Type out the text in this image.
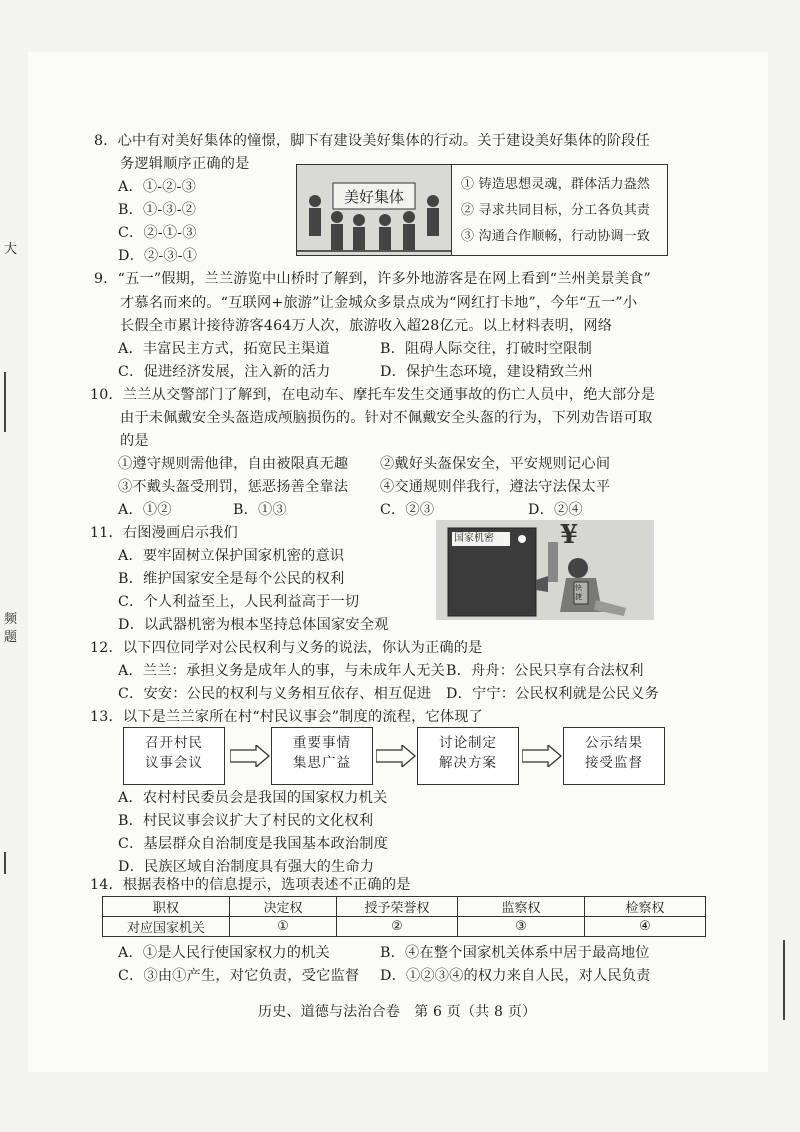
大
频
题
8．心中有对美好集体的憧憬，脚下有建设美好集体的行动。关于建设美好集体的阶段任
务逻辑顺序正确的是
A．①-②-③
B．①-③-②
C．②-①-③
D．②-③-①
美好集体
① 铸造思想灵魂，群体活力盎然
② 寻求共同目标，分工各负其责
③ 沟通合作顺畅，行动协调一致
9．“五一”假期，兰兰游览中山桥时了解到，许多外地游客是在网上看到“兰州美景美食”
才慕名而来的。“互联网+旅游”让金城众多景点成为“网红打卡地”，今年“五一”小
长假全市累计接待游客464万人次，旅游收入超28亿元。以上材料表明，网络
A．丰富民主方式，拓宽民主渠道	B．阻碍人际交往，打破时空限制
C．促进经济发展，注入新的活力	D．保护生态环境，建设精致兰州
10．兰兰从交警部门了解到，在电动车、摩托车发生交通事故的伤亡人员中，绝大部分是
由于未佩戴安全头盔造成颅脑损伤的。针对不佩戴安全头盔的行为，下列劝告语可取
的是
①遵守规则需他律，自由被限真无趣 ②戴好头盔保安全，平安规则记心间
③不戴头盔受刑罚，惩恶扬善全靠法 ④交通规则伴我行，遵法守法保太平
A．①②	B．①③	C．②③	D．②④
11．右图漫画启示我们
A．要牢固树立保护国家机密的意识
B．维护国家安全是每个公民的权利
C．个人利益至上，人民利益高于一切
D．以武器机密为根本坚持总体国家安全观
国家机密	¥
快捷
12．以下四位同学对公民权利与义务的说法，你认为正确的是
A．兰兰：承担义务是成年人的事，与未成年人无关 B．舟舟：公民只享有合法权利
C．安安：公民的权利与义务相互依存、相互促进 D．宁宁：公民权利就是公民义务
13．以下是兰兰家所在村“村民议事会”制度的流程，它体现了
召开村民
议事会议
重要事情
集思广益
讨论制定
解决方案
公示结果
接受监督
A．农村村民委员会是我国的国家权力机关
B．村民议事会议扩大了村民的文化权利
C．基层群众自治制度是我国基本政治制度
D．民族区域自治制度具有强大的生命力
14．根据表格中的信息提示，选项表述不正确的是
职权	决定权	授予荣誉权	监察权	检察权
对应国家机关	①	②	③	④
A．①是人民行使国家权力的机关	B．④在整个国家机关体系中居于最高地位
C．③由①产生，对它负责，受它监督 D．①②③④的权力来自人民，对人民负责
历史、道德与法治合卷　第 6 页（共 8 页）
